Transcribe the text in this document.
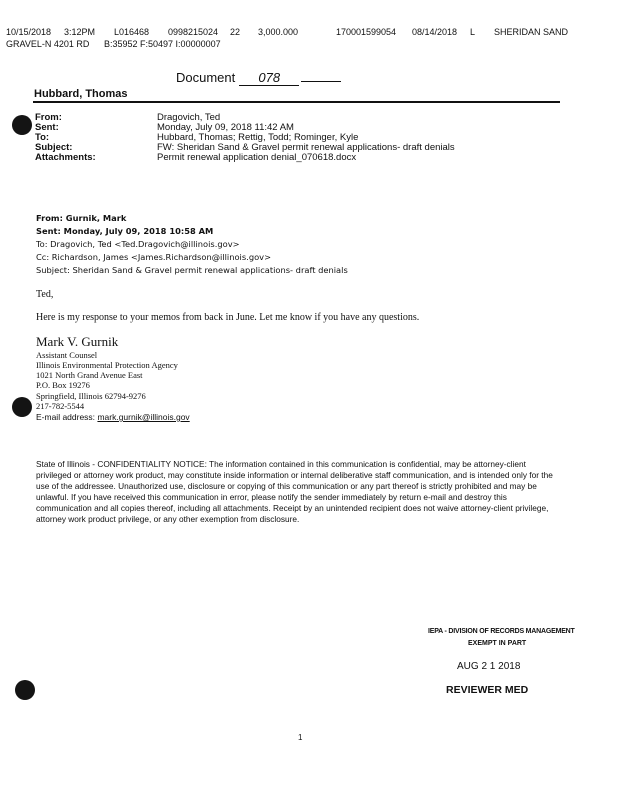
10/15/2018 3:12PM L016468 0998215024 22 3,000.000	170001599054 08/14/2018 L SHERIDAN SAND
GRAVEL-N 4201 RD B:35952 F:50497 I:00000007
Document 078
Hubbard, Thomas
From:	Dragovich, Ted
Sent:	Monday, July 09, 2018 11:42 AM
To:	Hubbard, Thomas; Rettig, Todd; Rominger, Kyle
Subject:	FW: Sheridan Sand & Gravel permit renewal applications- draft denials
Attachments:	Permit renewal application denial_070618.docx
From: Gurnik, Mark
Sent: Monday, July 09, 2018 10:58 AM
To: Dragovich, Ted <Ted.Dragovich@illinois.gov>
Cc: Richardson, James <James.Richardson@illinois.gov>
Subject: Sheridan Sand & Gravel permit renewal applications- draft denials
Ted,
Here is my response to your memos from back in June. Let me know if you have any questions.
Mark V. Gurnik
Assistant Counsel
Illinois Environmental Protection Agency
1021 North Grand Avenue East
P.O. Box 19276
Springfield, Illinois 62794-9276
217-782-5544
E-mail address: mark.gurnik@illinois.gov
State of Illinois - CONFIDENTIALITY NOTICE: The information contained in this communication is confidential, may be attorney-client privileged or attorney work product, may constitute inside information or internal deliberative staff communication, and is intended only for the use of the addressee. Unauthorized use, disclosure or copying of this communication or any part thereof is strictly prohibited and may be unlawful. If you have received this communication in error, please notify the sender immediately by return e-mail and destroy this communication and all copies thereof, including all attachments. Receipt by an unintended recipient does not waive attorney-client privilege, attorney work product privilege, or any other exemption from disclosure.
IEPA - DIVISION OF RECORDS MANAGEMENT
EXEMPT IN PART
AUG 2 1 2018
REVIEWER MED
1
